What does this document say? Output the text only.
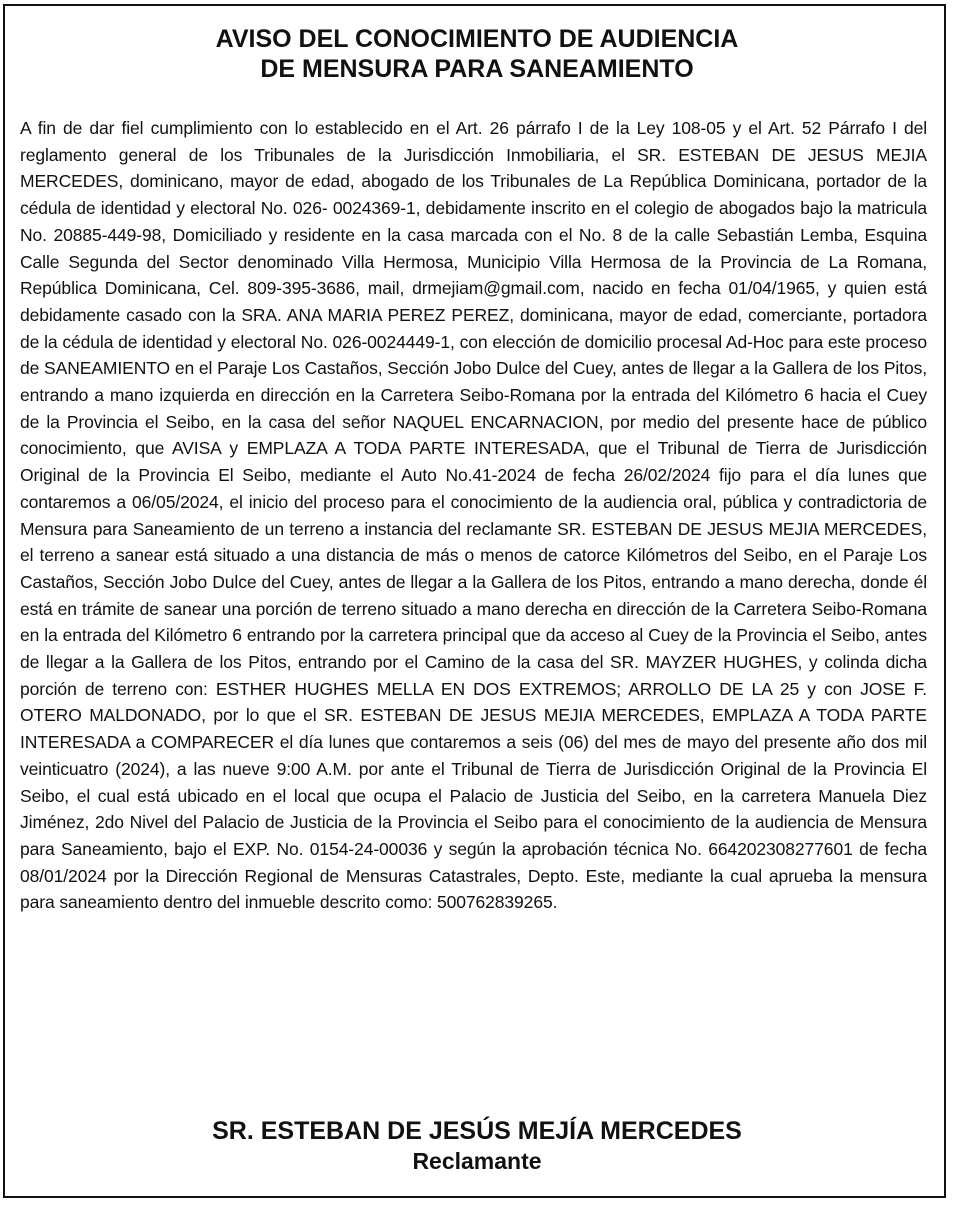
AVISO DEL CONOCIMIENTO DE AUDIENCIA
DE MENSURA PARA SANEAMIENTO

A fin de dar fiel cumplimiento con lo establecido en el Art. 26 párrafo I de la Ley 108-05 y el Art. 52 Párrafo I del reglamento general de los Tribunales de la Jurisdicción Inmobiliaria, el SR. ESTEBAN DE JESUS MEJIA MERCEDES, dominicano, mayor de edad, abogado de los Tribunales de La República Dominicana, portador de la cédula de identidad y electoral No. 026- 0024369-1, debidamente inscrito en el colegio de abogados bajo la matricula No. 20885-449-98, Domiciliado y residente en la casa marcada con el No. 8 de la calle Sebastián Lemba, Esquina Calle Segunda del Sector denominado Villa Hermosa, Municipio Villa Hermosa de la Provincia de La Romana, República Dominicana, Cel. 809-395-3686, mail, drmejiam@gmail.com, nacido en fecha 01/04/1965, y quien está debidamente casado con la SRA. ANA MARIA PEREZ PEREZ, dominicana, mayor de edad, comerciante, portadora de la cédula de identidad y electoral No. 026-0024449-1, con elección de domicilio procesal Ad-Hoc para este proceso de SANEAMIENTO en el Paraje Los Castaños, Sección Jobo Dulce del Cuey, antes de llegar a la Gallera de los Pitos, entrando a mano izquierda en dirección en la Carretera Seibo-Romana por la entrada del Kilómetro 6 hacia el Cuey de la Provincia el Seibo, en la casa del señor NAQUEL ENCARNACION, por medio del presente hace de público conocimiento, que AVISA y EMPLAZA A TODA PARTE INTERESADA, que el Tribunal de Tierra de Jurisdicción Original de la Provincia El Seibo, mediante el Auto No.41-2024 de fecha 26/02/2024 fijo para el día lunes que contaremos a 06/05/2024, el inicio del proceso para el conocimiento de la audiencia oral, pública y contradictoria de Mensura para Saneamiento de un terreno a instancia del reclamante SR. ESTEBAN DE JESUS MEJIA MERCEDES, el terreno a sanear está situado a una distancia de más o menos de catorce Kilómetros del Seibo, en el Paraje Los Castaños, Sección Jobo Dulce del Cuey, antes de llegar a la Gallera de los Pitos, entrando a mano derecha, donde él está en trámite de sanear una porción de terreno situado a mano derecha en dirección de la Carretera Seibo-Romana en la entrada del Kilómetro 6 entrando por la carretera principal que da acceso al Cuey de la Provincia el Seibo, antes de llegar a la Gallera de los Pitos, entrando por el Camino de la casa del SR. MAYZER HUGHES, y colinda dicha porción de terreno con: ESTHER HUGHES MELLA EN DOS EXTREMOS; ARROLLO DE LA 25 y con JOSE F. OTERO MALDONADO, por lo que el SR. ESTEBAN DE JESUS MEJIA MERCEDES, EMPLAZA A TODA PARTE INTERESADA a COMPARECER el día lunes que contaremos a seis (06) del mes de mayo del presente año dos mil veinticuatro (2024), a las nueve 9:00 A.M. por ante el Tribunal de Tierra de Jurisdicción Original de la Provincia El Seibo, el cual está ubicado en el local que ocupa el Palacio de Justicia del Seibo, en la carretera Manuela Diez Jiménez, 2do Nivel del Palacio de Justicia de la Provincia el Seibo para el conocimiento de la audiencia de Mensura para Saneamiento, bajo el EXP. No. 0154-24-00036 y según la aprobación técnica No. 664202308277601 de fecha 08/01/2024 por la Dirección Regional de Mensuras Catastrales, Depto. Este, mediante la cual aprueba la mensura para saneamiento dentro del inmueble descrito como: 500762839265.

SR. ESTEBAN DE JESÚS MEJÍA MERCEDES
Reclamante
